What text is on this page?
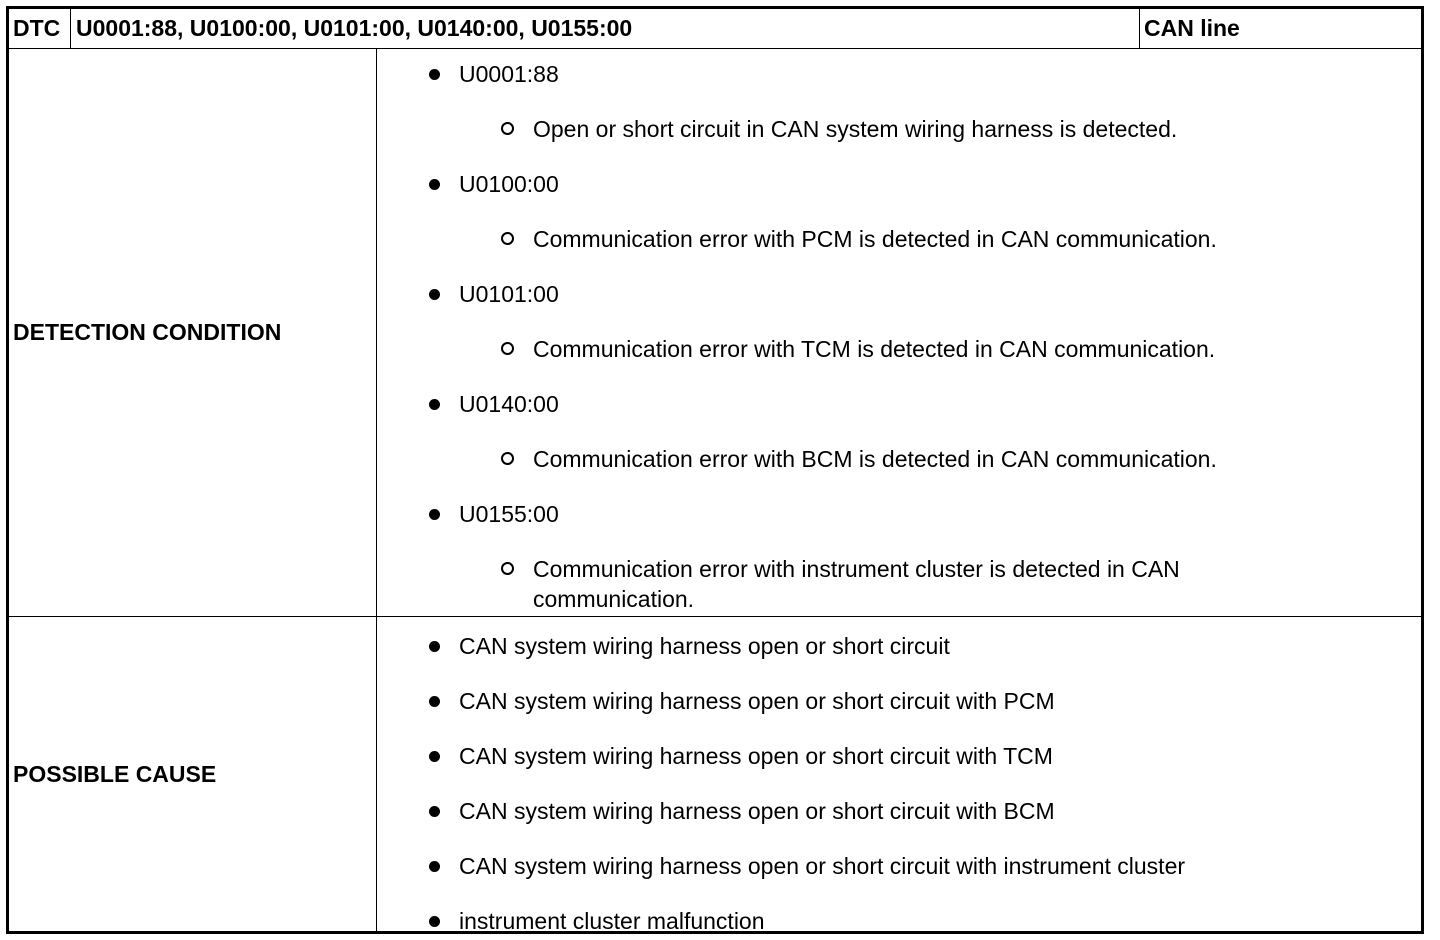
DTC U0001:88, U0100:00, U0101:00, U0140:00, U0155:00	CAN line
DETECTION CONDITION
U0001:88
Open or short circuit in CAN system wiring harness is detected.
U0100:00
Communication error with PCM is detected in CAN communication.
U0101:00
Communication error with TCM is detected in CAN communication.
U0140:00
Communication error with BCM is detected in CAN communication.
U0155:00
Communication error with instrument cluster is detected in CAN communication.
POSSIBLE CAUSE
CAN system wiring harness open or short circuit
CAN system wiring harness open or short circuit with PCM
CAN system wiring harness open or short circuit with TCM
CAN system wiring harness open or short circuit with BCM
CAN system wiring harness open or short circuit with instrument cluster
instrument cluster malfunction
